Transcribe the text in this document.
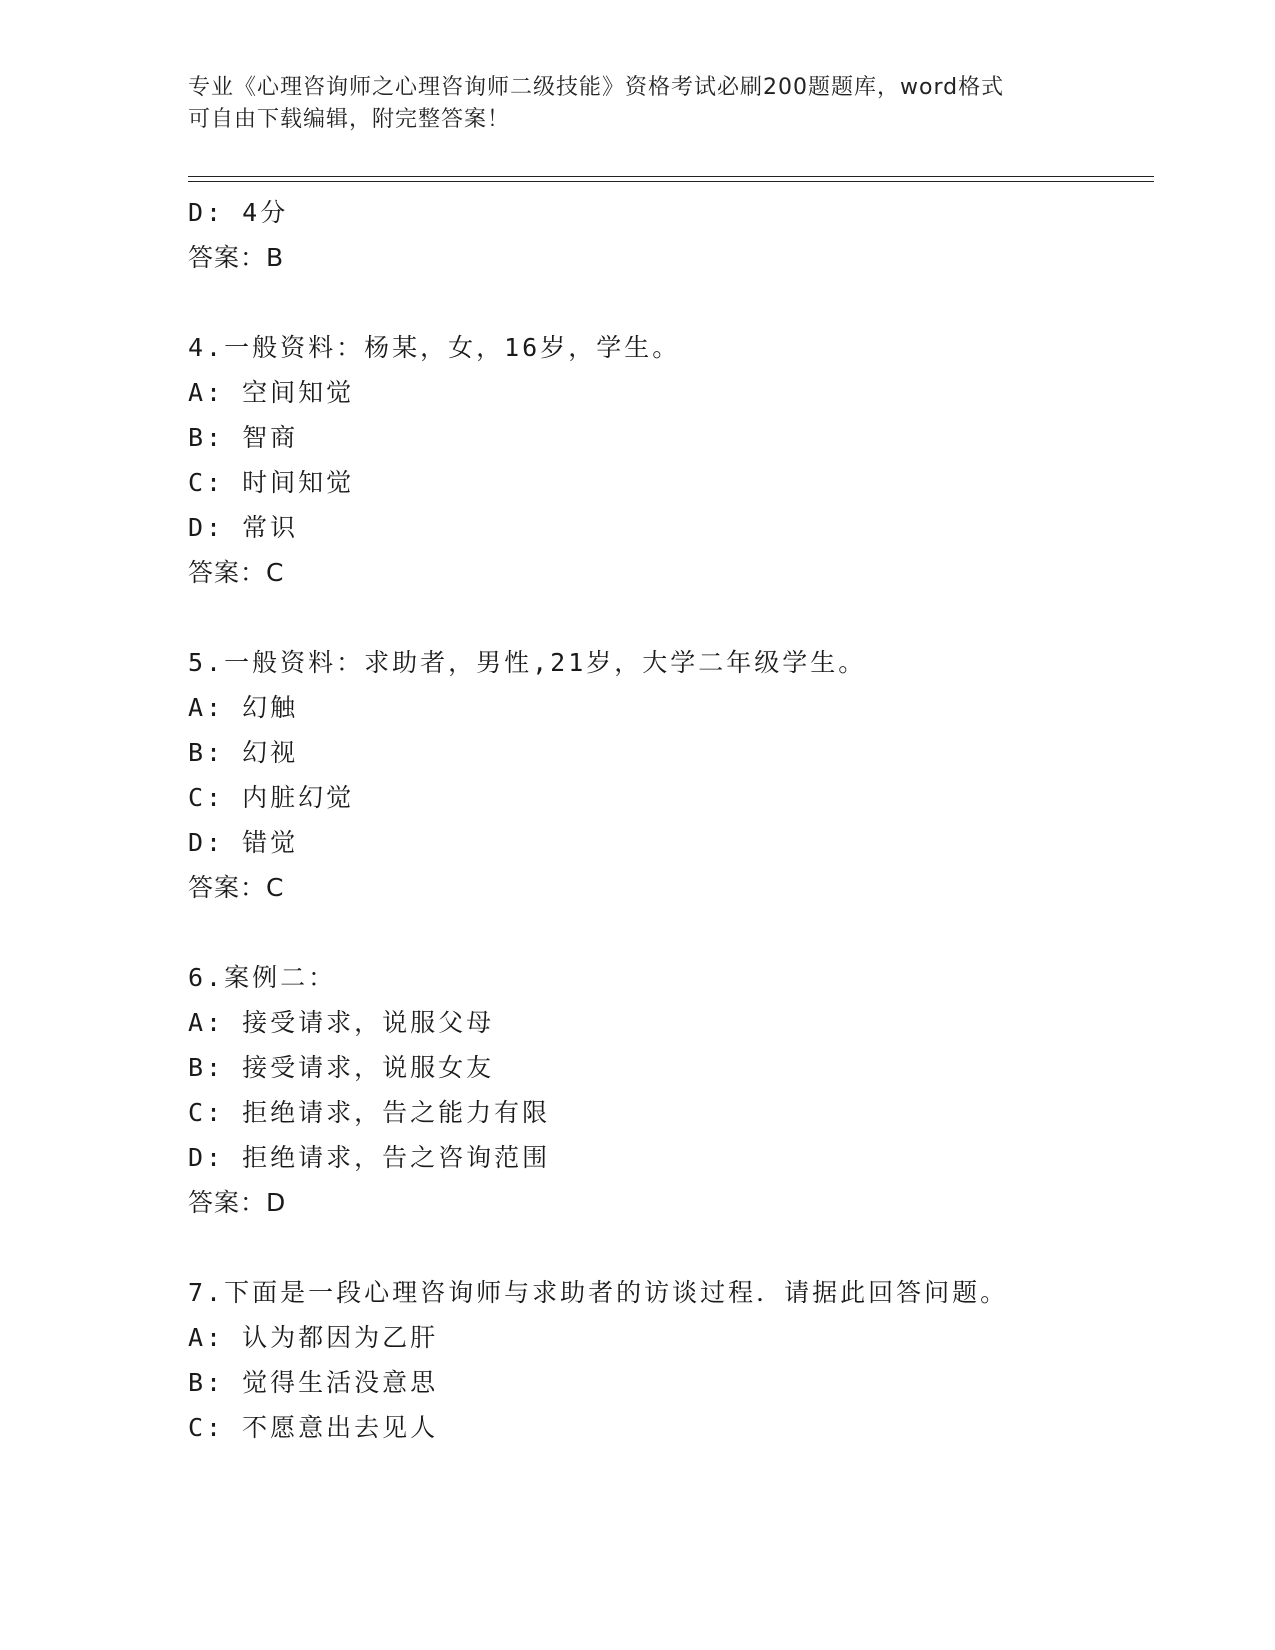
专业《心理咨询师之心理咨询师二级技能》资格考试必刷200题题库，word格式
可自由下载编辑，附完整答案！
D: 4分
答案：B
4.一般资料：杨某，女，16岁，学生。
A: 空间知觉
B: 智商
C: 时间知觉
D: 常识
答案：C
5.一般资料：求助者，男性,21岁，大学二年级学生。
A: 幻触
B: 幻视
C: 内脏幻觉
D: 错觉
答案：C
6.案例二：
A: 接受请求，说服父母
B: 接受请求，说服女友
C: 拒绝请求，告之能力有限
D: 拒绝请求，告之咨询范围
答案：D
7.下面是一段心理咨询师与求助者的访谈过程．请据此回答问题。
A: 认为都因为乙肝
B: 觉得生活没意思
C: 不愿意出去见人
